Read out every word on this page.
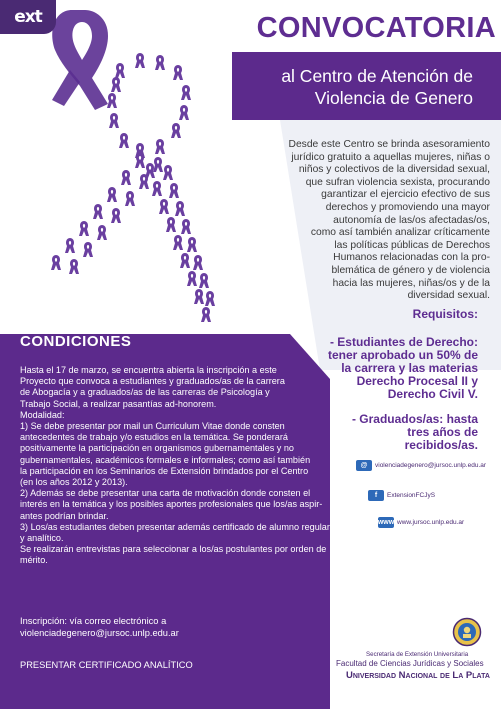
ext	CONVOCATORIA
al Centro de Atención de
Violencia de Genero
Desde este Centro se brinda asesoramiento
jurídico gratuito a aquellas mujeres, niñas o
niños y colectivos de la diversidad sexual,
que sufran violencia sexista, procurando
garantizar el ejercicio efectivo de sus
derechos y promoviendo una mayor
autonomía de las/os afectadas/os,
como así también analizar críticamente
las políticas públicas de Derechos
Humanos relacionadas con la pro-
blemática de género y de violencia
hacia las mujeres, niñas/os y de la
diversidad sexual.
Requisitos:
- Estudiantes de Derecho:
tener aprobado un 50% de
la carrera y las materias
Derecho Procesal II y
Derecho Civil V.
- Graduados/as: hasta
tres años de
recibidos/as.
@	violenciadegenero@jursoc.unlp.edu.ar
f	ExtensionFCJyS
www www.jursoc.unlp.edu.ar
CONDICIONES
Hasta el 17 de marzo, se encuentra abierta la inscripción a este
Proyecto que convoca a estudiantes y graduados/as de la carrera
de Abogacía y a graduados/as de las carreras de Psicología y
Trabajo Social, a realizar pasantías ad-honorem.
Modalidad:
1) Se debe presentar por mail un Curriculum Vitae donde consten
antecedentes de trabajo y/o estudios en la temática. Se ponderará
positivamente la participación en organismos gubernamentales y no
gubernamentales, académicos formales e informales; como así también
la participación en los Seminarios de Extensión brindados por el Centro
(en los años 2012 y 2013).
2) Además se debe presentar una carta de motivación donde consten el
interés en la temática y los posibles aportes profesionales que los/as aspir-
antes podrían brindar.
3) Los/as estudiantes deben presentar además certificado de alumno regular
y analítico.
Se realizarán entrevistas para seleccionar a los/as postulantes por orden de
mérito.
Inscripción: vía correo electrónico a
violenciadegenero@jursoc.unlp.edu.ar
PRESENTAR CERTIFICADO ANALÍTICO
Secretaría de Extensión Universitaria
Facultad de Ciencias Jurídicas y Sociales
Universidad Nacional de La Plata
